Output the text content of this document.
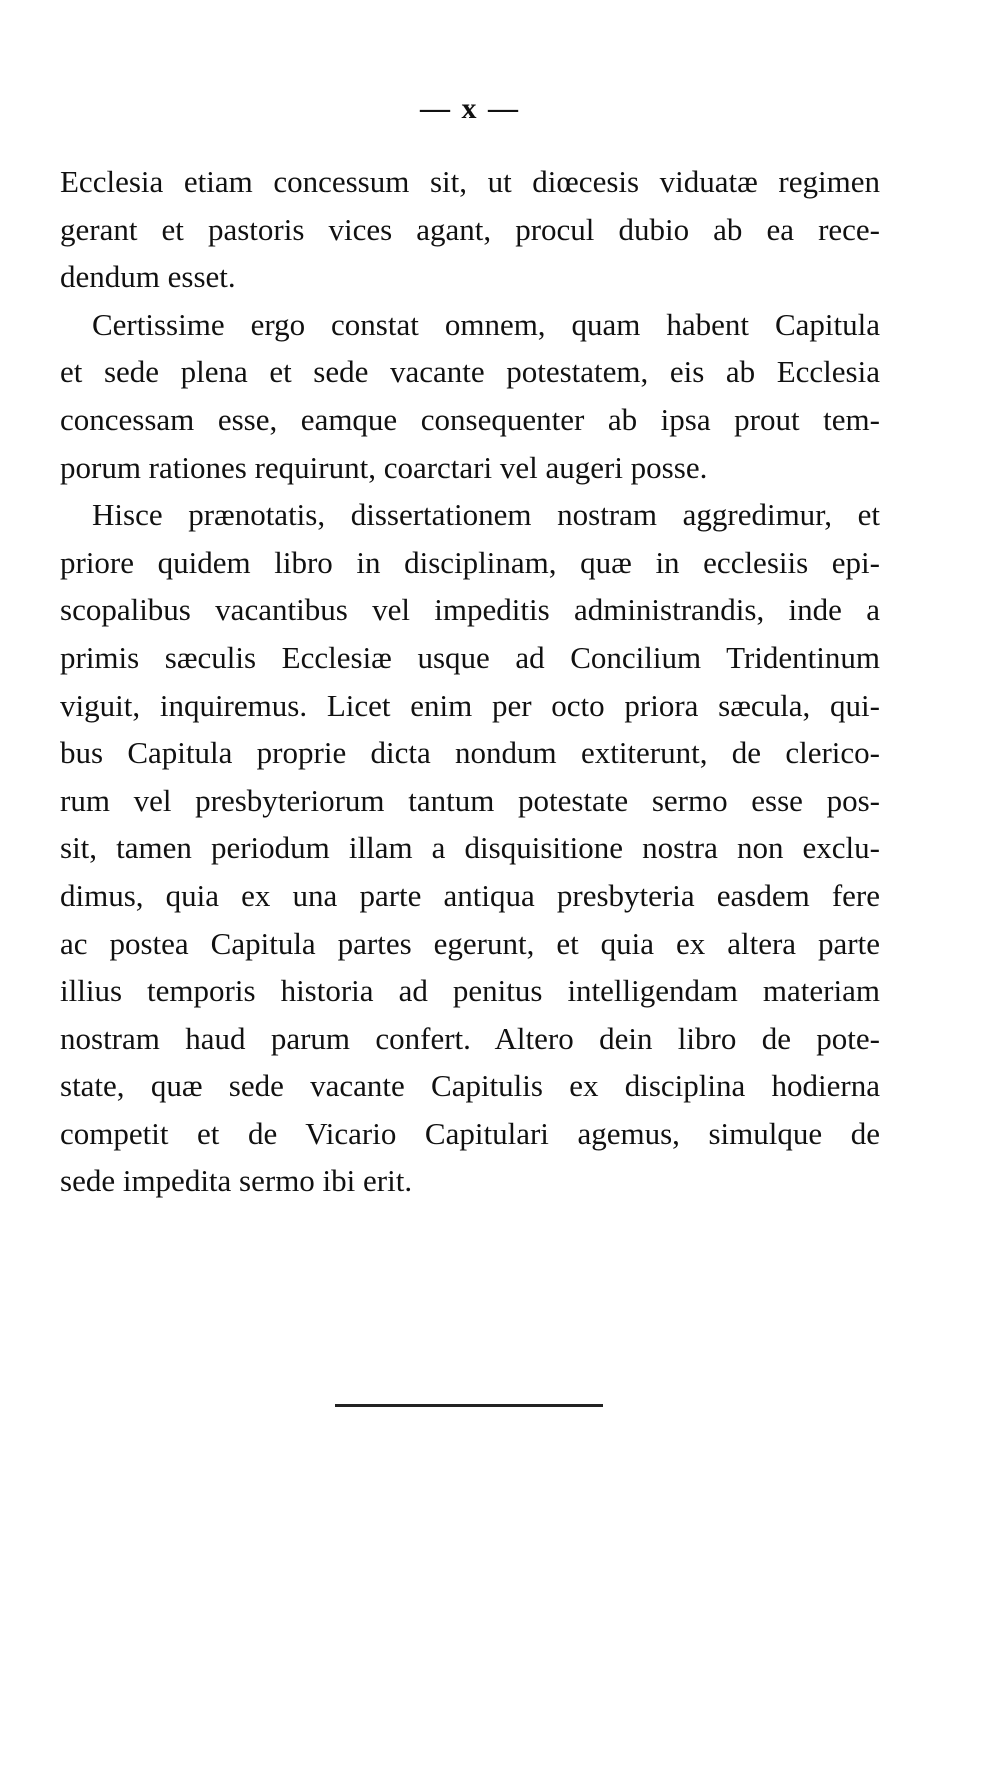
— x —

Ecclesia etiam concessum sit, ut diœcesis viduatæ regimen
gerant et pastoris vices agant, procul dubio ab ea rece-
dendum esset.

Certissime ergo constat omnem, quam habent Capitula
et sede plena et sede vacante potestatem, eis ab Ecclesia
concessam esse, eamque consequenter ab ipsa prout tem-
porum rationes requirunt, coarctari vel augeri posse.

Hisce prænotatis, dissertationem nostram aggredimur, et
priore quidem libro in disciplinam, quæ in ecclesiis epi-
scopalibus vacantibus vel impeditis administrandis, inde a
primis sæculis Ecclesiæ usque ad Concilium Tridentinum
viguit, inquiremus. Licet enim per octo priora sæcula, qui-
bus Capitula proprie dicta nondum extiterunt, de clerico-
rum vel presbyteriorum tantum potestate sermo esse pos-
sit, tamen periodum illam a disquisitione nostra non exclu-
dimus, quia ex una parte antiqua presbyteria easdem fere
ac postea Capitula partes egerunt, et quia ex altera parte
illius temporis historia ad penitus intelligendam materiam
nostram haud parum confert. Altero dein libro de pote-
state, quæ sede vacante Capitulis ex disciplina hodierna
competit et de Vicario Capitulari agemus, simulque de
sede impedita sermo ibi erit.
